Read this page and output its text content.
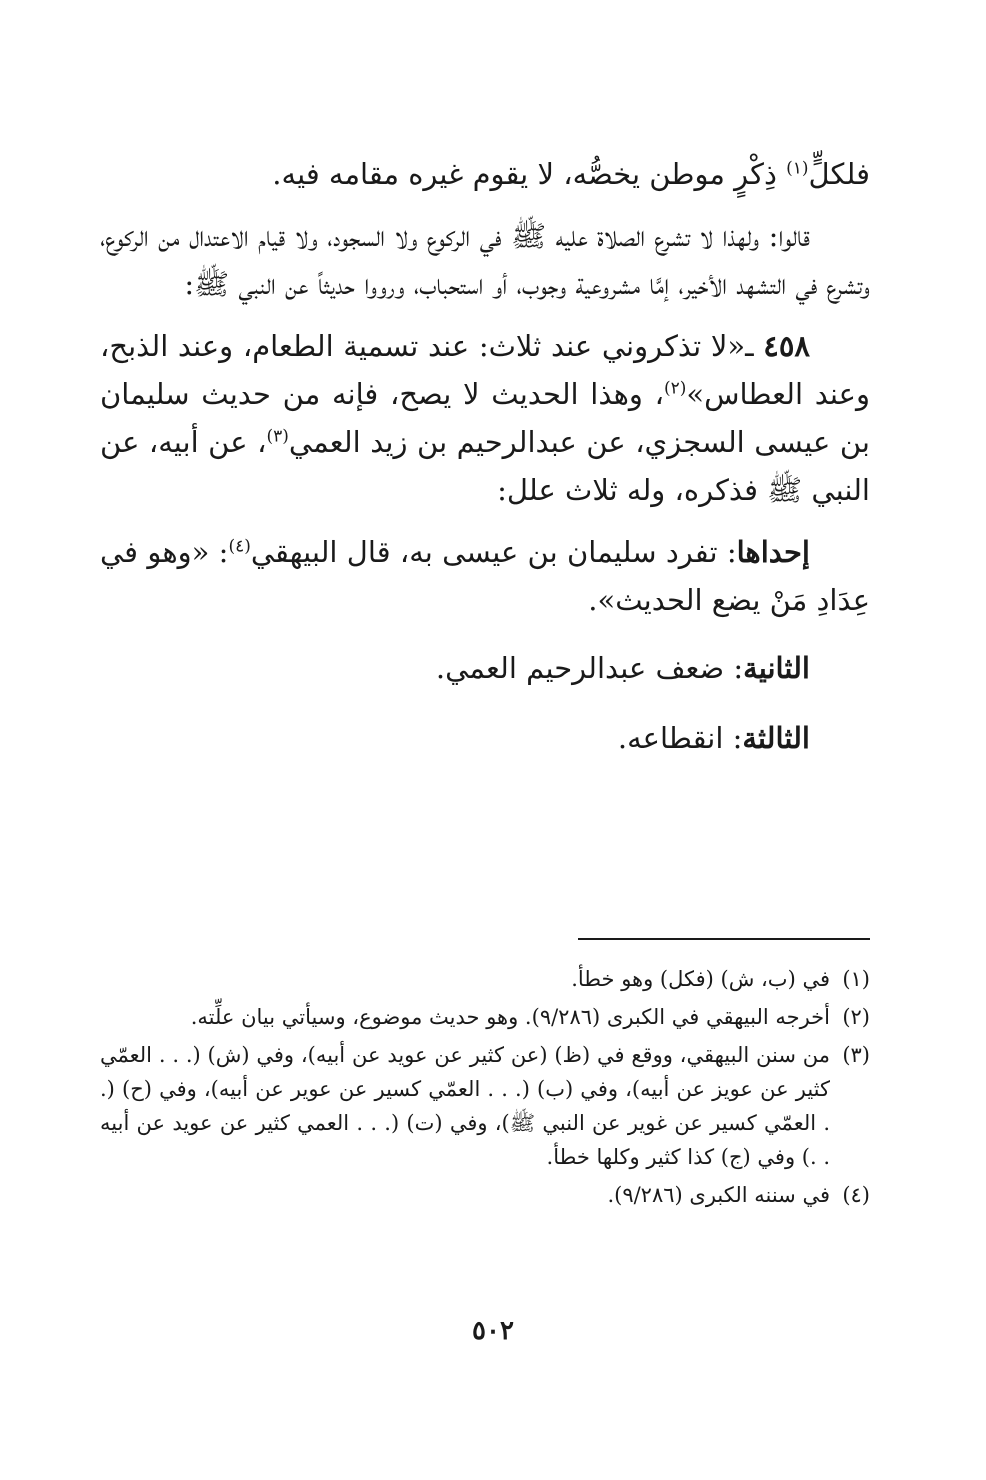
فلكلٍّ$^{(١)}$ ذِكْرٍ موطن يخصُّه، لا يقوم غيره مقامه فيه.

قالوا: ولهذا لا تشرع الصلاة عليه ﷺ في الركوع ولا السجود، ولا قيام الاعتدال من الركوع، وتشرع في التشهد الأخير، إمَّا مشروعية وجوب، أو استحباب، ورووا حديثاً عن النبي ﷺ:

٤٥٨ ـ«لا تذكروني عند ثلاث: عند تسمية الطعام، وعند الذبح، وعند العطاس»$^{(٢)}$، وهذا الحديث لا يصح، فإنه من حديث سليمان بن عيسى السجزي، عن عبدالرحيم بن زيد العمي$^{(٣)}$، عن أبيه، عن النبي ﷺ فذكره، وله ثلاث علل:

إحداها: تفرد سليمان بن عيسى به، قال البيهقي$^{(٤)}$: «وهو في عِدَادِ مَنْ يضع الحديث».

الثانية: ضعف عبدالرحيم العمي.

الثالثة: انقطاعه.

(١)
في (ب، ش) (فكل) وهو خطأ.
(٢)
أخرجه البيهقي في الكبرى (٩/٢٨٦). وهو حديث موضوع، وسيأتي بيان علِّته.
(٣)
من سنن البيهقي، ووقع في (ظ) (عن كثير عن عويد عن أبيه)، وفي (ش) (. . . العمّي كثير عن عويز عن أبيه)، وفي (ب) (. . . العمّي كسير عن عوير عن أبيه)، وفي (ح) (. . العمّي كسير عن غوير عن النبي ﷺ)، وفي (ت) (. . . العمي كثير عن عويد عن أبيه . .) وفي (ج) كذا كثير وكلها خطأ.
(٤)
في سننه الكبرى (٩/٢٨٦).
٥٠٢
